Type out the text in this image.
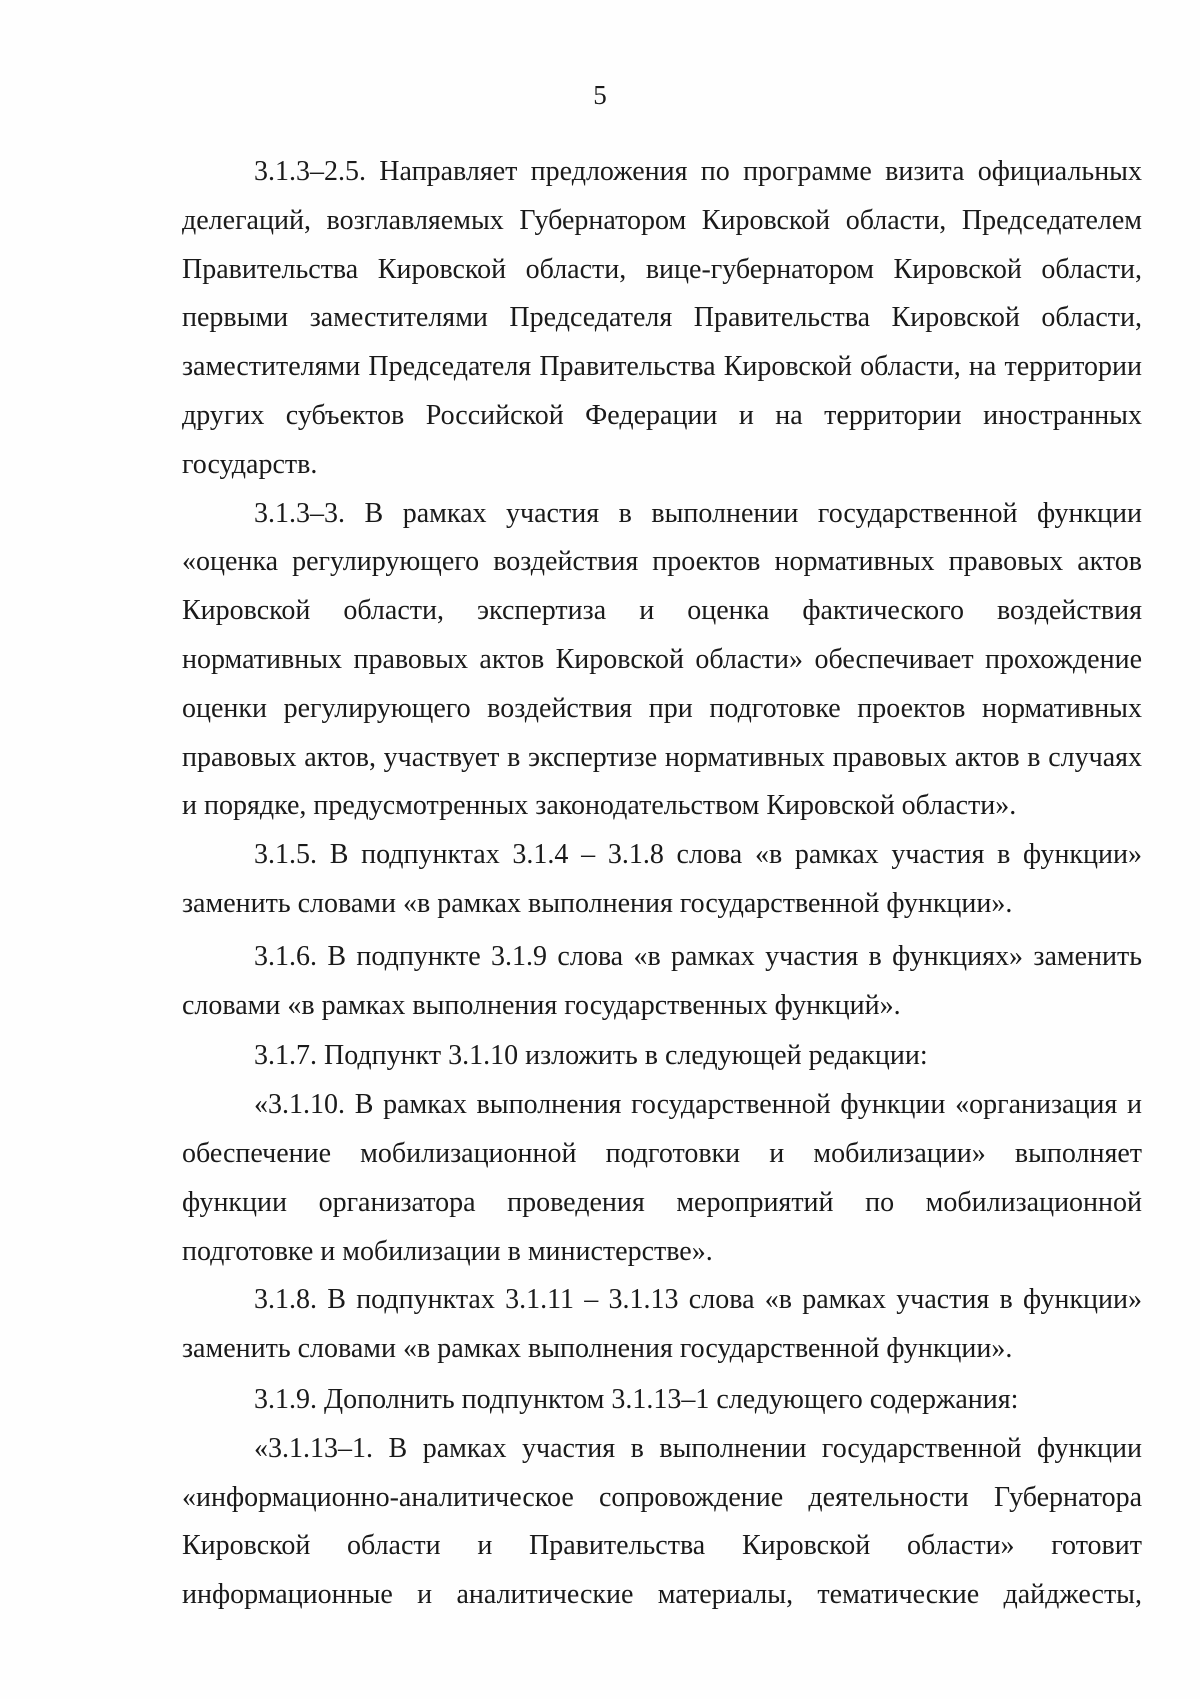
5

3.1.3–2.5. Направляет предложения по программе визита официальных делегаций, возглавляемых Губернатором Кировской области, Председателем Правительства Кировской области, вице-губернатором Кировской области, первыми заместителями Председателя Правительства Кировской области, заместителями Председателя Правительства Кировской области, на территории других субъектов Российской Федерации и на территории иностранных государств.

3.1.3–3. В рамках участия в выполнении государственной функции «оценка регулирующего воздействия проектов нормативных правовых актов Кировской области, экспертиза и оценка фактического воздействия нормативных правовых актов Кировской области» обеспечивает прохождение оценки регулирующего воздействия при подготовке проектов нормативных правовых актов, участвует в экспертизе нормативных правовых актов в случаях и порядке, предусмотренных законодательством Кировской области».

3.1.5. В подпунктах 3.1.4 – 3.1.8 слова «в рамках участия в функции» заменить словами «в рамках выполнения государственной функции».

3.1.6. В подпункте 3.1.9 слова «в рамках участия в функциях» заменить словами «в рамках выполнения государственных функций».

3.1.7. Подпункт 3.1.10 изложить в следующей редакции:

«3.1.10. В рамках выполнения государственной функции «организация и обеспечение мобилизационной подготовки и мобилизации» выполняет функции организатора проведения мероприятий по мобилизационной подготовке и мобилизации в министерстве».

3.1.8. В подпунктах 3.1.11 – 3.1.13 слова «в рамках участия в функции» заменить словами «в рамках выполнения государственной функции».

3.1.9. Дополнить подпунктом 3.1.13–1 следующего содержания:

«3.1.13–1. В рамках участия в выполнении государственной функции «информационно-аналитическое сопровождение деятельности Губернатора Кировской области и Правительства Кировской области» готовит информационные и аналитические материалы, тематические дайджесты,
